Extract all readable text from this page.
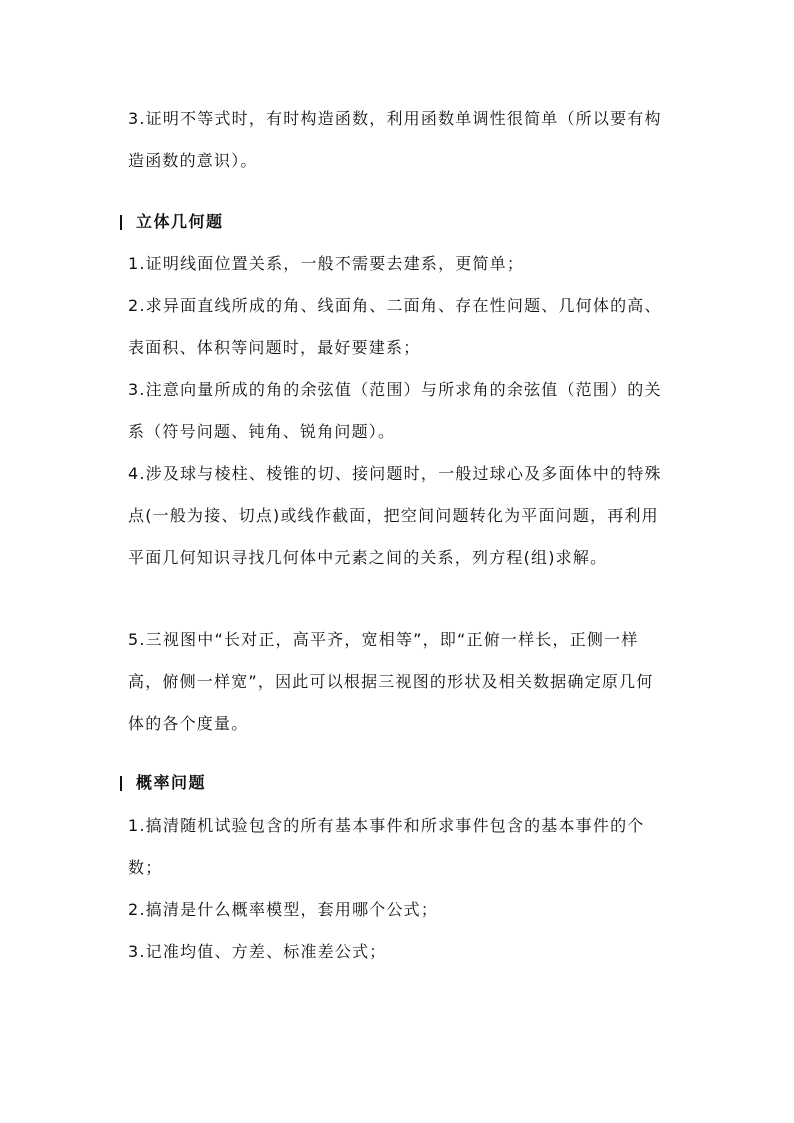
3.证明不等式时，有时构造函数，利用函数单调性很简单（所以要有构造函数的意识）。

立体几何题

1.证明线面位置关系，一般不需要去建系，更简单；

2.求异面直线所成的角、线面角、二面角、存在性问题、几何体的高、表面积、体积等问题时，最好要建系；

3.注意向量所成的角的余弦值（范围）与所求角的余弦值（范围）的关系（符号问题、钝角、锐角问题）。

4.涉及球与棱柱、棱锥的切、接问题时，一般过球心及多面体中的特殊点(一般为接、切点)或线作截面，把空间问题转化为平面问题，再利用平面几何知识寻找几何体中元素之间的关系，列方程(组)求解。

5.三视图中“长对正，高平齐，宽相等”，即“正俯一样长，正侧一样高，俯侧一样宽”，因此可以根据三视图的形状及相关数据确定原几何体的各个度量。

概率问题

1.搞清随机试验包含的所有基本事件和所求事件包含的基本事件的个数；

2.搞清是什么概率模型，套用哪个公式；

3.记准均值、方差、标准差公式；
